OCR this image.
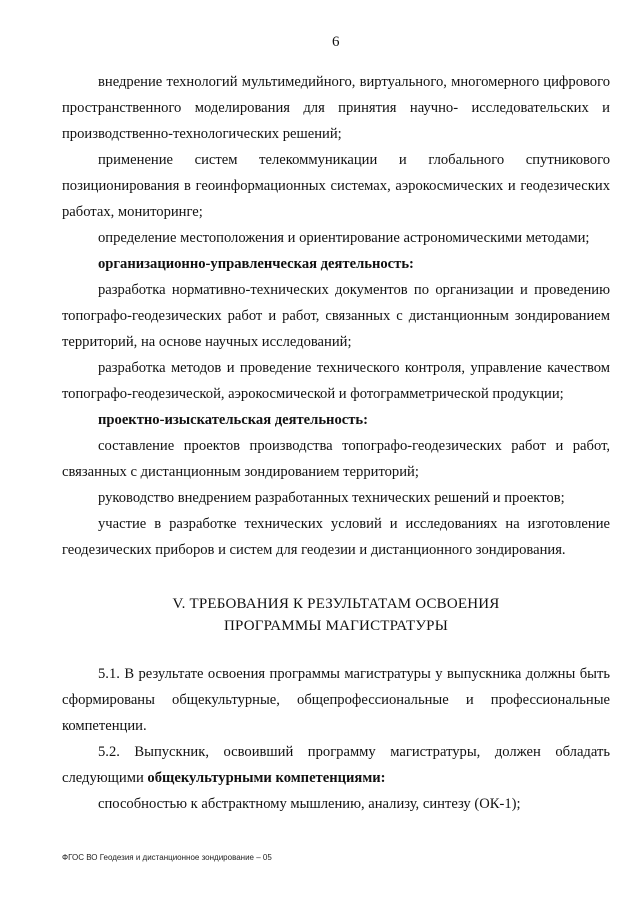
6

внедрение технологий мультимедийного, виртуального, многомерного цифрового пространственного моделирования для принятия научно- исследовательских и производственно-технологических решений;

применение систем телекоммуникации и глобального спутникового позиционирования в геоинформационных системах, аэрокосмических и геодезических работах, мониторинге;

определение местоположения и ориентирование астрономическими методами;

организационно-управленческая деятельность:

разработка нормативно-технических документов по организации и проведению топографо-геодезических работ и работ, связанных с дистанционным зондированием территорий, на основе научных исследований;

разработка методов и проведение технического контроля, управление качеством топографо-геодезической, аэрокосмической и фотограмметрической продукции;

проектно-изыскательская деятельность:

составление проектов производства топографо-геодезических работ и работ, связанных с дистанционным зондированием территорий;

руководство внедрением разработанных технических решений и проектов;

участие в разработке технических условий и исследованиях на изготовление геодезических приборов и систем для геодезии и дистанционного зондирования.

V. ТРЕБОВАНИЯ К РЕЗУЛЬТАТАМ ОСВОЕНИЯ
ПРОГРАММЫ МАГИСТРАТУРЫ

5.1. В результате освоения программы магистратуры у выпускника должны быть сформированы общекультурные, общепрофессиональные и профессиональные компетенции.

5.2. Выпускник, освоивший программу магистратуры, должен обладать следующими общекультурными компетенциями:

способностью к абстрактному мышлению, анализу, синтезу (ОК-1);

ФГОС ВО Геодезия и дистанционное зондирование – 05
